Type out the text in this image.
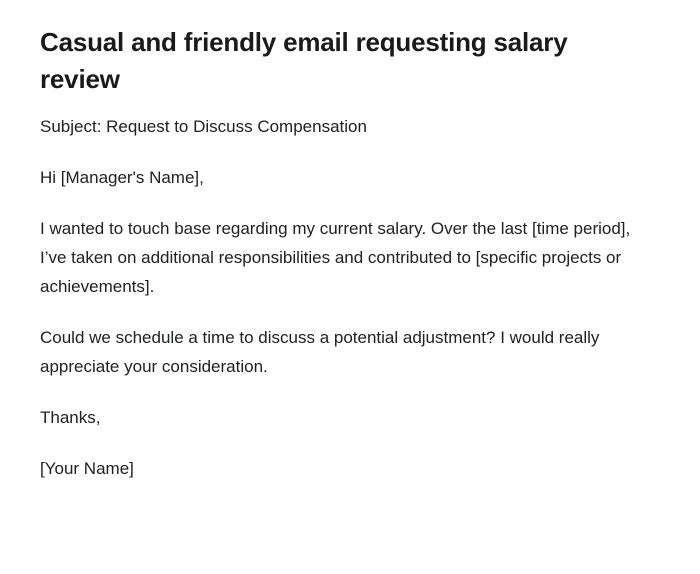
Casual and friendly email requesting salary review

Subject: Request to Discuss Compensation

Hi [Manager's Name],

I wanted to touch base regarding my current salary. Over the last [time period], I’ve taken on additional responsibilities and contributed to [specific projects or achievements].

Could we schedule a time to discuss a potential adjustment? I would really appreciate your consideration.

Thanks,

[Your Name]
